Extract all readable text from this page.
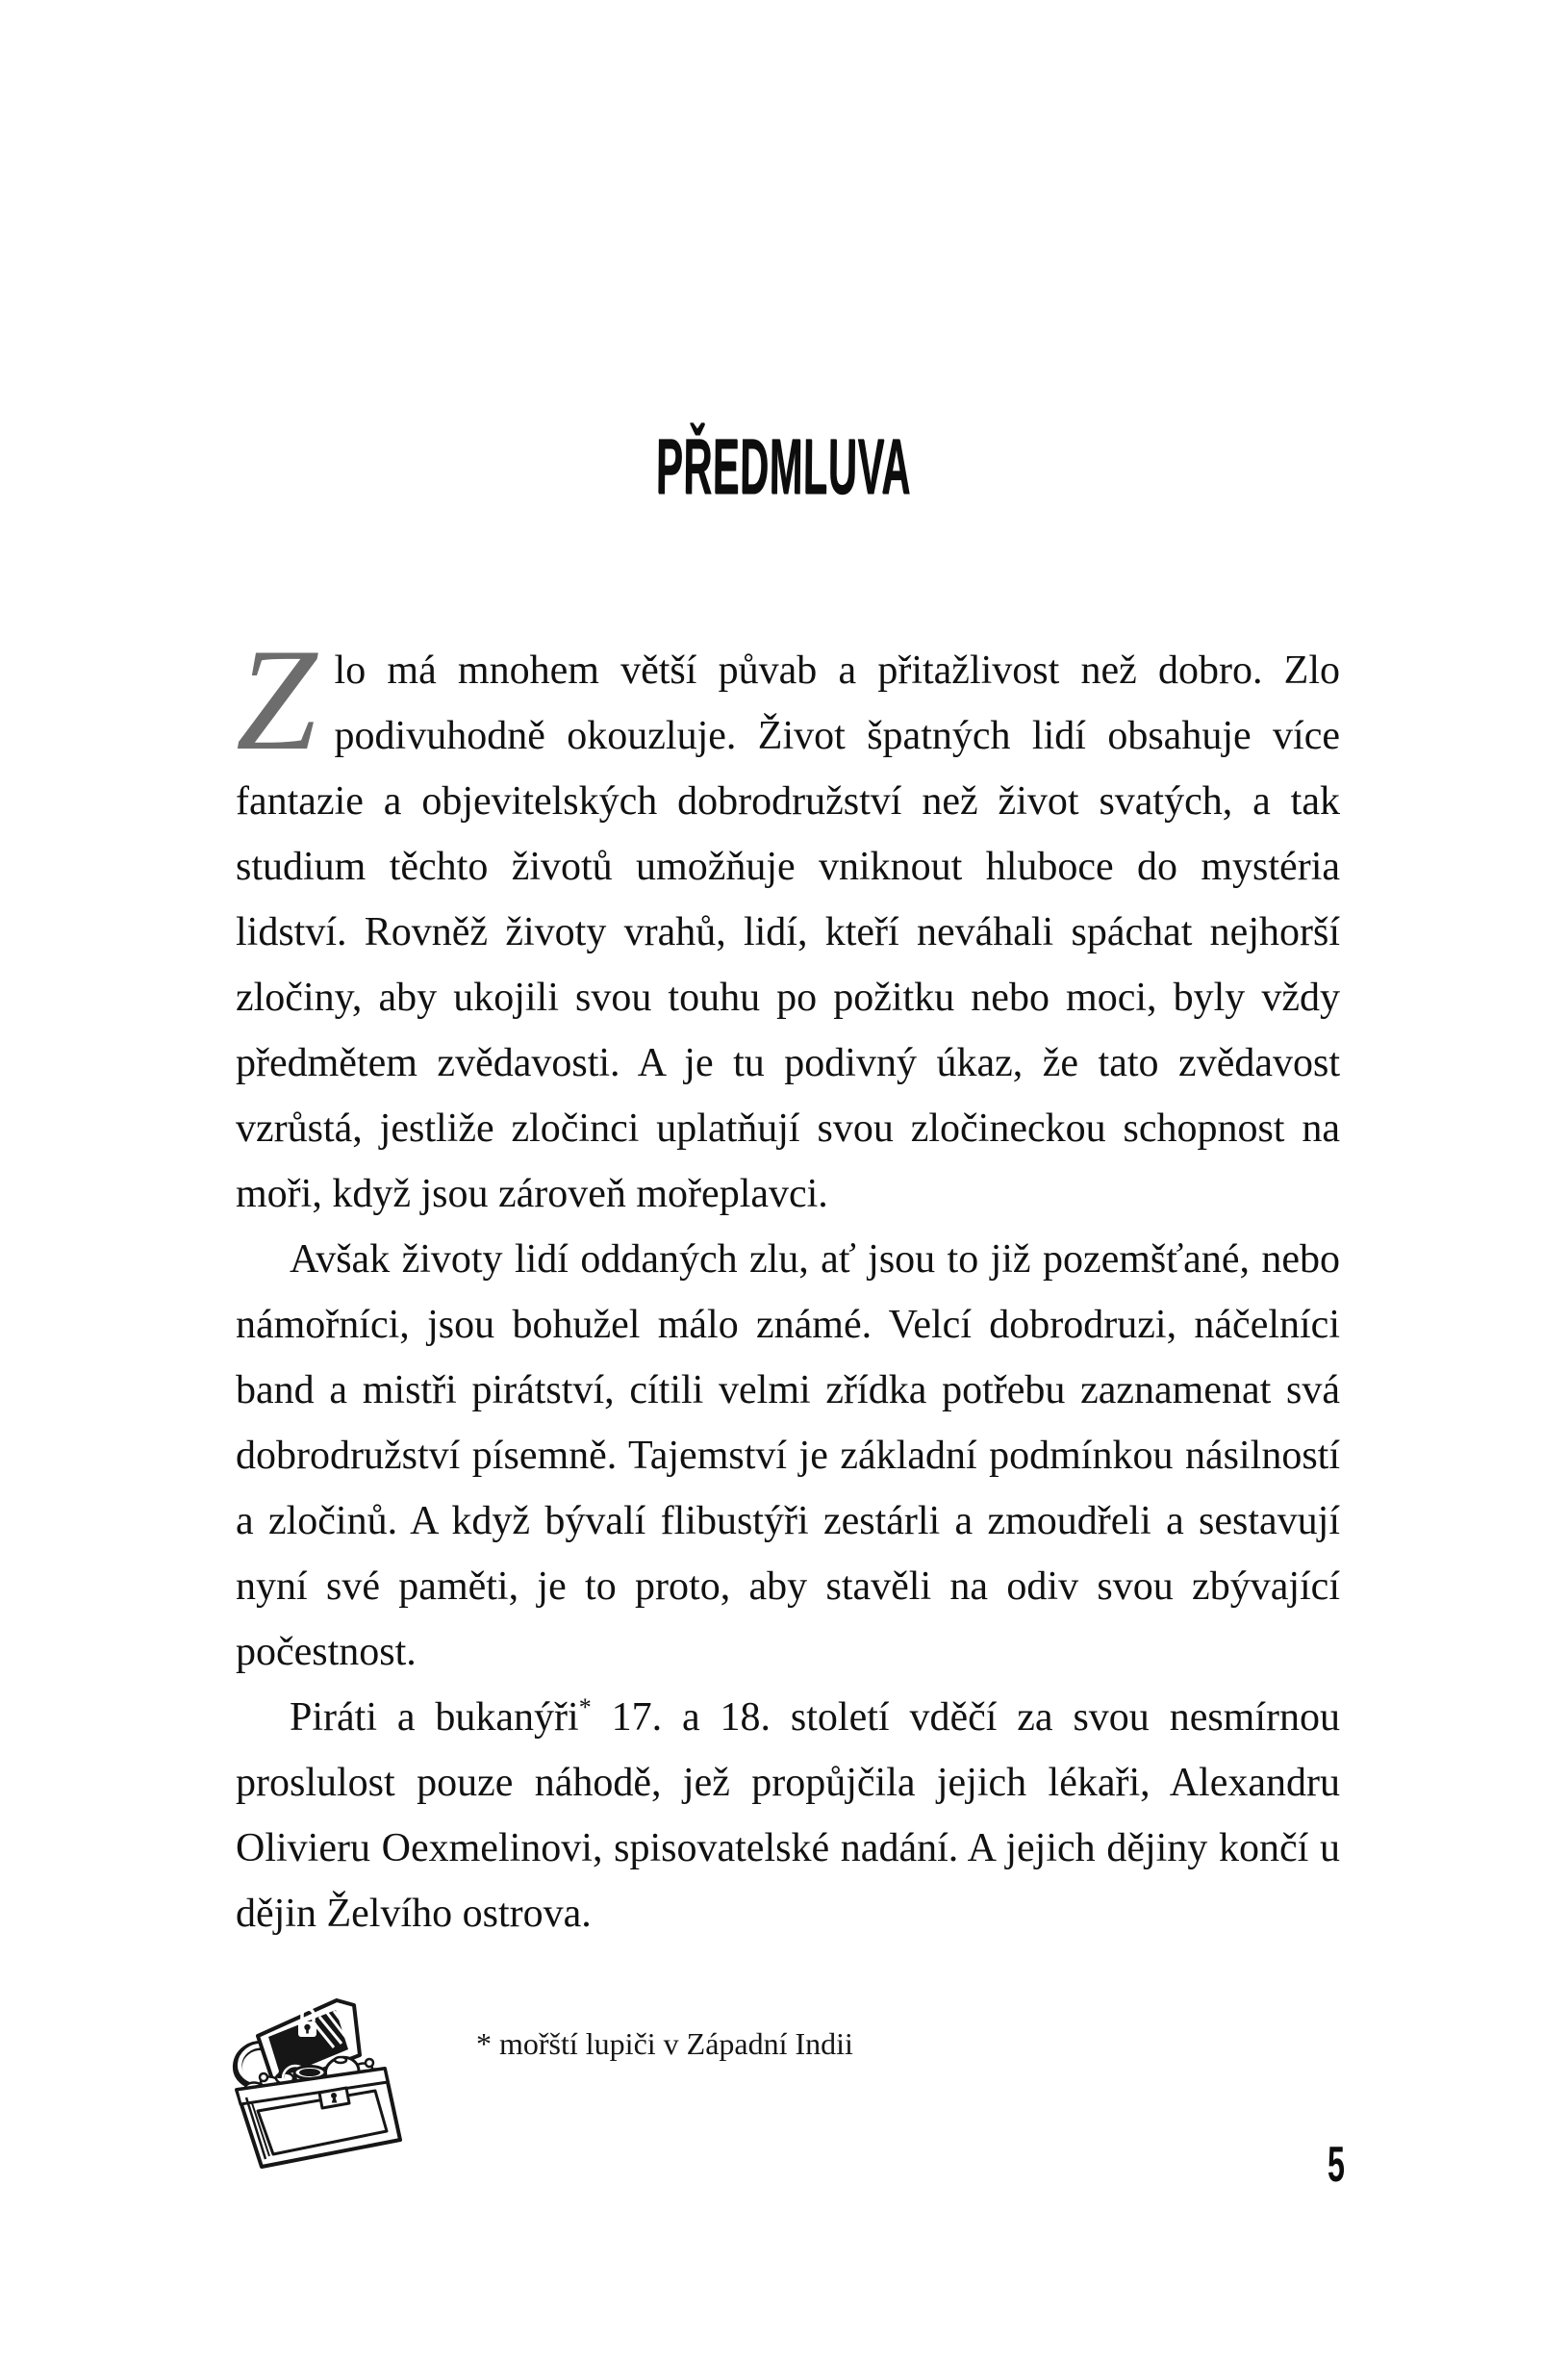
PŘEDMLUVA

Zlo má mnohem větší půvab a přitažlivost než dobro. Zlo podivuhodně okouzluje. Život špatných lidí obsahuje více fantazie a objevitelských dobrodružství než život svatých, a tak studium těchto životů umožňuje vniknout hluboce do mystéria lidství. Rovněž životy vrahů, lidí, kteří neváhali spáchat nejhorší zločiny, aby ukojili svou touhu po požitku nebo moci, byly vždy předmětem zvědavosti. A je tu podivný úkaz, že tato zvědavost vzrůstá, jestliže zločinci uplatňují svou zločineckou schopnost na moři, když jsou zároveň mořeplavci.

Avšak životy lidí oddaných zlu, ať jsou to již pozemšťané, nebo námořníci, jsou bohužel málo známé. Velcí dobrodruzi, náčelníci band a mistři pirátství, cítili velmi zřídka potřebu zaznamenat svá dobrodružství písemně. Tajemství je základní podmínkou násilností a zločinů. A když bývalí flibustýři zestárli a zmoudřeli a sestavují nyní své paměti, je to proto, aby stavěli na odiv svou zbývající počestnost.

Piráti a bukanýři* 17. a 18. století vděčí za svou nesmírnou proslulost pouze náhodě, jež propůjčila jejich lékaři, Alexandru Olivieru Oexmelinovi, spisovatelské nadání. A jejich dějiny končí u dějin Želvího ostrova.

* mořští lupiči v Západní Indii
5
